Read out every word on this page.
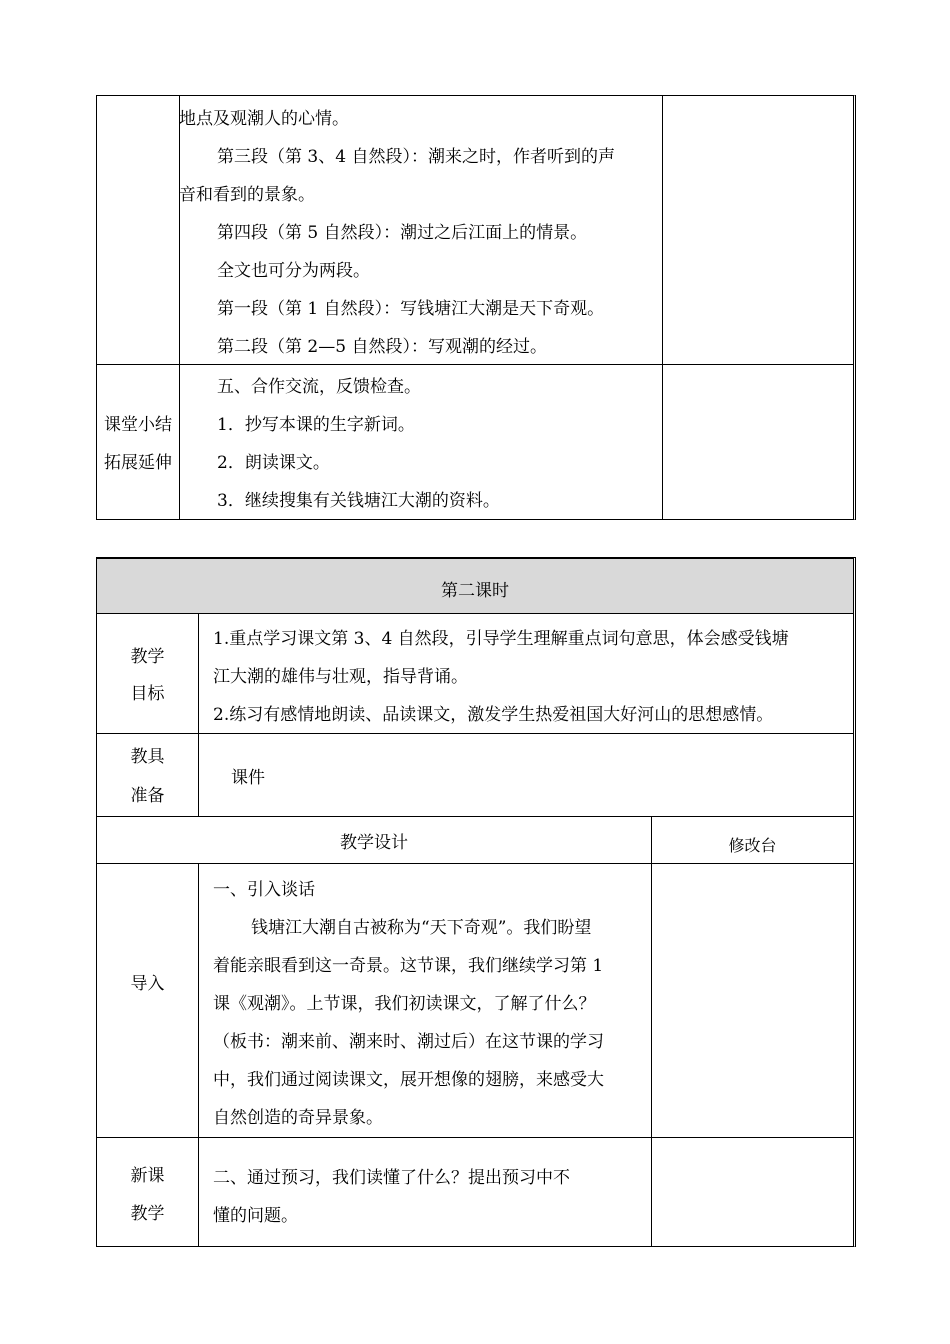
地点及观潮人的心情。
第三段（第 3、4 自然段）：潮来之时，作者听到的声
音和看到的景象。
第四段（第 5 自然段）：潮过之后江面上的情景。
全文也可分为两段。
第一段（第 1 自然段）：写钱塘江大潮是天下奇观。
第二段（第 2—5 自然段）：写观潮的经过。
课堂小结
拓展延伸
五、合作交流，反馈检查。
1．抄写本课的生字新词。
2．朗读课文。
3．继续搜集有关钱塘江大潮的资料。
第二课时
教学
目标
1.重点学习课文第 3、4 自然段，引导学生理解重点词句意思，体会感受钱塘
江大潮的雄伟与壮观，指导背诵。
2.练习有感情地朗读、品读课文，激发学生热爱祖国大好河山的思想感情。
教具
准备
课件
教学设计	修改台
导入
一、引入谈话
钱塘江大潮自古被称为“天下奇观”。我们盼望
着能亲眼看到这一奇景。这节课，我们继续学习第 1
课《观潮》。上节课，我们初读课文，了解了什么？
（板书：潮来前、潮来时、潮过后）在这节课的学习
中，我们通过阅读课文，展开想像的翅膀，来感受大
自然创造的奇异景象。
新课
教学
二、通过预习，我们读懂了什么？提出预习中不
懂的问题。
